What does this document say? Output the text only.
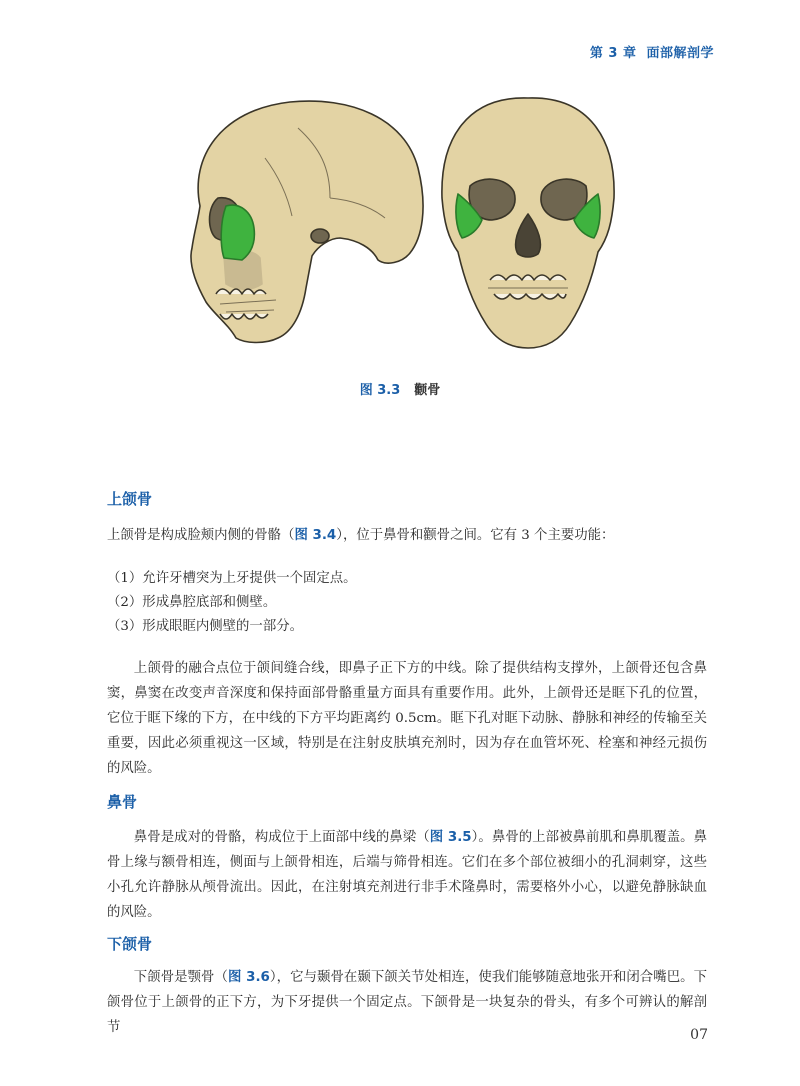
第 3 章 面部解剖学
图 3.3 颧骨
上颌骨

上颌骨是构成脸颊内侧的骨骼（图 3.4），位于鼻骨和颧骨之间。它有 3 个主要功能：

（1）允许牙槽突为上牙提供一个固定点。
（2）形成鼻腔底部和侧壁。
（3）形成眼眶内侧壁的一部分。

上颌骨的融合点位于颌间缝合线，即鼻子正下方的中线。除了提供结构支撑外，上颌骨还包含鼻窦，鼻窦在改变声音深度和保持面部骨骼重量方面具有重要作用。此外，上颌骨还是眶下孔的位置，它位于眶下缘的下方，在中线的下方平均距离约 0.5cm。眶下孔对眶下动脉、静脉和神经的传输至关重要，因此必须重视这一区域，特别是在注射皮肤填充剂时，因为存在血管坏死、栓塞和神经元损伤的风险。

鼻骨

鼻骨是成对的骨骼，构成位于上面部中线的鼻梁（图 3.5）。鼻骨的上部被鼻前肌和鼻肌覆盖。鼻骨上缘与额骨相连，侧面与上颌骨相连，后端与筛骨相连。它们在多个部位被细小的孔洞刺穿，这些小孔允许静脉从颅骨流出。因此，在注射填充剂进行非手术隆鼻时，需要格外小心，以避免静脉缺血的风险。

下颌骨

下颌骨是颚骨（图 3.6），它与颞骨在颞下颌关节处相连，使我们能够随意地张开和闭合嘴巴。下颌骨位于上颌骨的正下方，为下牙提供一个固定点。下颌骨是一块复杂的骨头，有多个可辨认的解剖节	07
